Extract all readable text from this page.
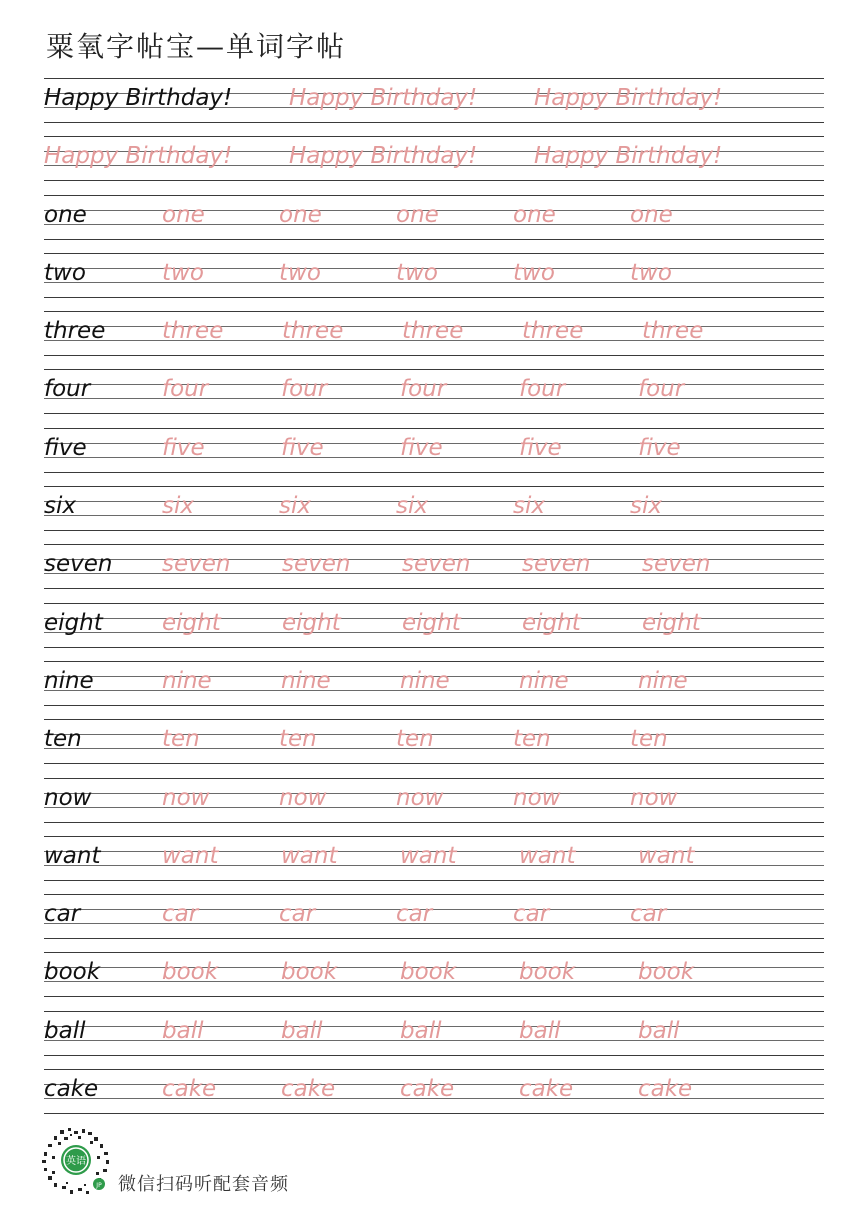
粟氧字帖宝—单词字帖
Happy Birthday! Happy Birthday! Happy Birthday!
Happy Birthday! Happy Birthday! Happy Birthday!
one	one	one	one	one	one
two	two	two	two	two	two
three three	three	three	three	three
four	four	four	four	four	four
five	five	five	five	five	five
six	six	six	six	six	six
seven seven seven seven seven seven
eight	eight	eight	eight	eight	eight
nine	nine	nine	nine	nine	nine
ten	ten	ten	ten	ten	ten
now	now	now	now	now	now
want	want	want	want	want	want
car	car	car	car	car	car
book	book	book	book	book	book
ball	ball	ball	ball	ball	ball
cake	cake	cake	cake	cake	cake
英语
JP 微信扫码听配套音频
